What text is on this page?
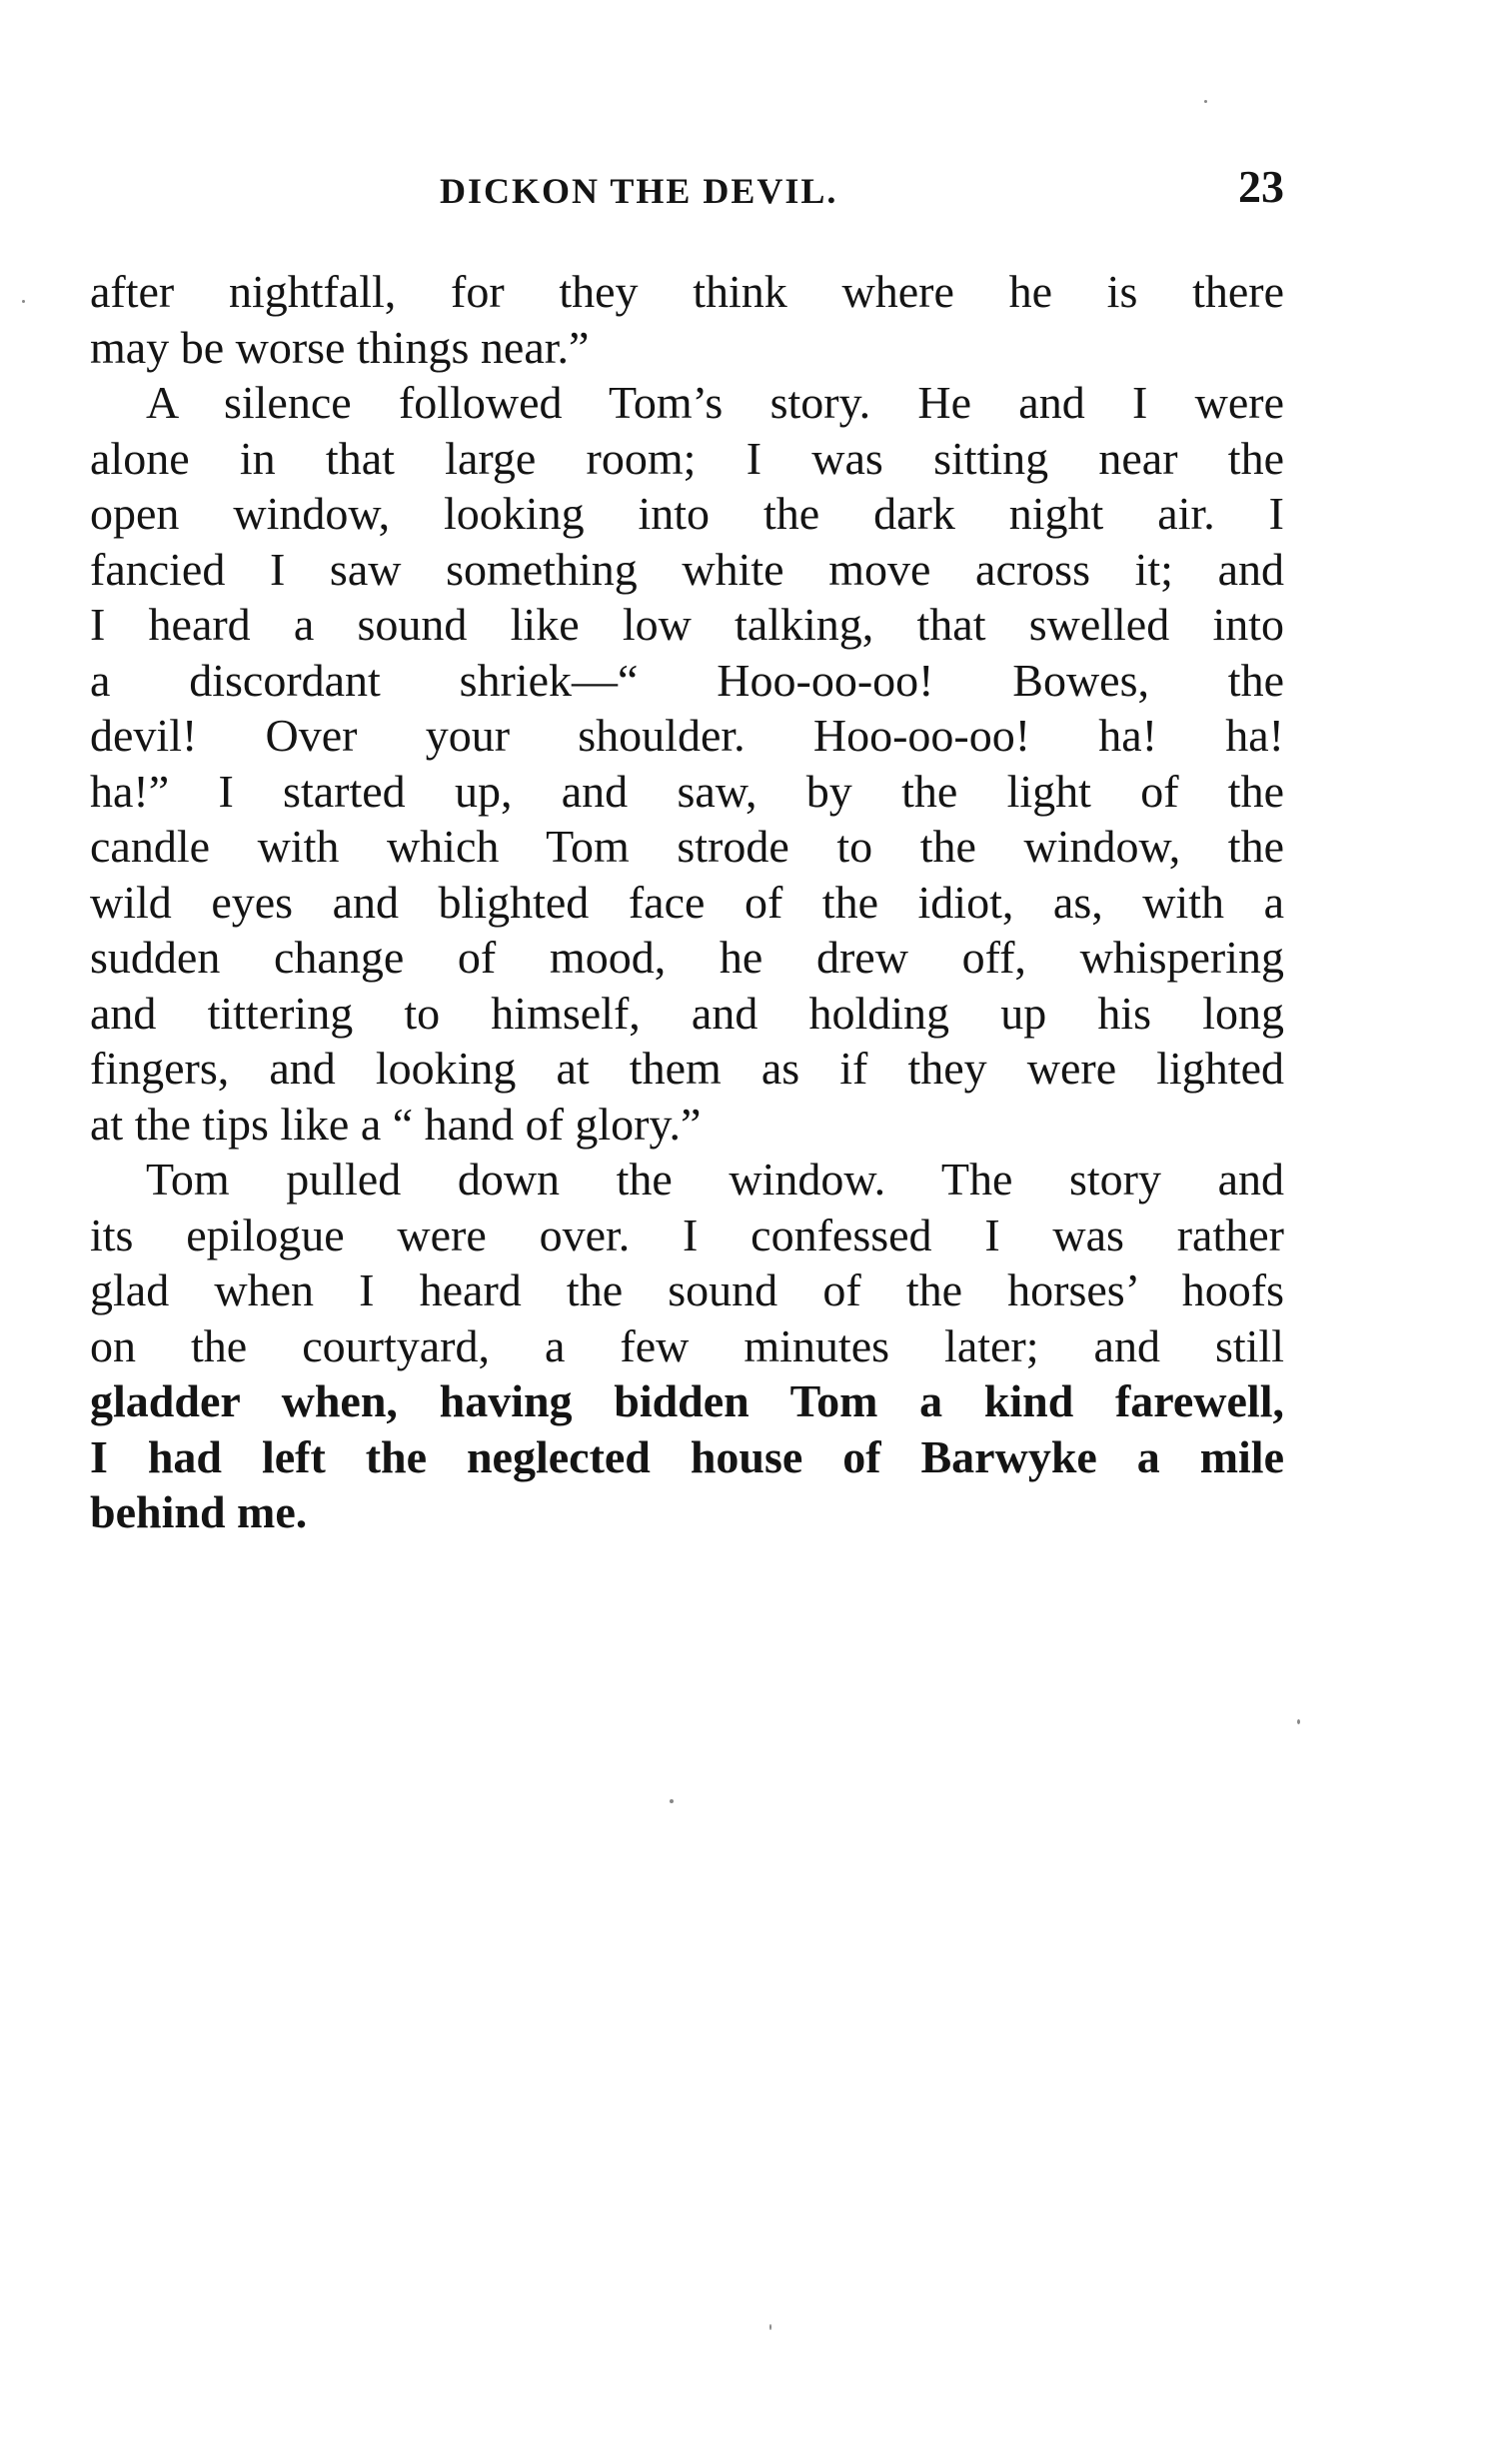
DICKON THE DEVIL.	23
after nightfall, for they think where he is there
may be worse things near.”
A silence followed Tom’s story. He and I were
alone in that large room; I was sitting near the
open window, looking into the dark night air. I
fancied I saw something white move across it; and
I heard a sound like low talking, that swelled into
a discordant shriek—“ Hoo-oo-oo! Bowes, the
devil! Over your shoulder. Hoo-oo-oo! ha! ha!
ha!” I started up, and saw, by the light of the
candle with which Tom strode to the window, the
wild eyes and blighted face of the idiot, as, with a
sudden change of mood, he drew off, whispering
and tittering to himself, and holding up his long
fingers, and looking at them as if they were lighted
at the tips like a “ hand of glory.”
Tom pulled down the window. The story and
its epilogue were over. I confessed I was rather
glad when I heard the sound of the horses’ hoofs
on the courtyard, a few minutes later; and still
gladder when, having bidden Tom a kind farewell,
I had left the neglected house of Barwyke a mile
behind me.
